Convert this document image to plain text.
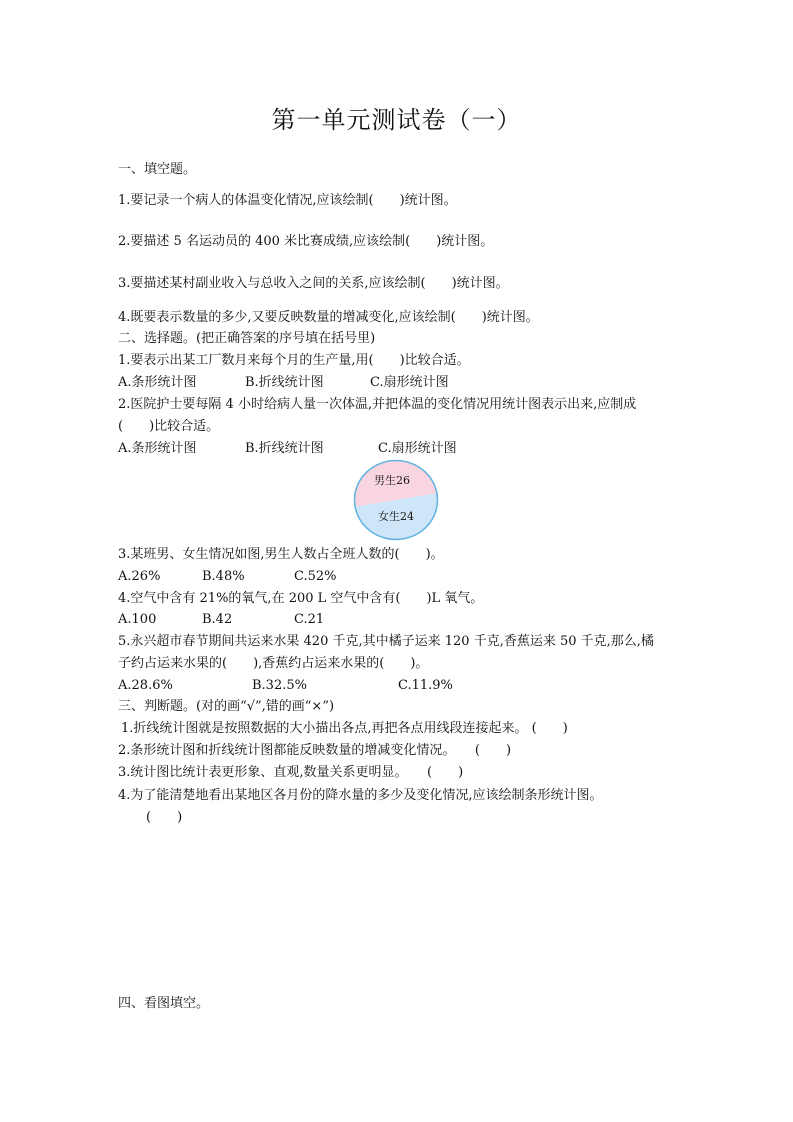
第一单元测试卷（一）
一、填空题。
1.要记录一个病人的体温变化情况,应该绘制(　　)统计图。
2.要描述 5 名运动员的 400 米比赛成绩,应该绘制(　　)统计图。
3.要描述某村副业收入与总收入之间的关系,应该绘制(　　)统计图。
4.既要表示数量的多少,又要反映数量的增减变化,应该绘制(　　)统计图。
二、选择题。(把正确答案的序号填在括号里)
1.要表示出某工厂数月来每个月的生产量,用(　　)比较合适。
A.条形统计图	B.折线统计图	C.扇形统计图
2.医院护士要每隔 4 小时给病人量一次体温,并把体温的变化情况用统计图表示出来,应制成
(　　)比较合适。
A.条形统计图	B.折线统计图	C.扇形统计图
男生26
女生24
3.某班男、女生情况如图,男生人数占全班人数的(　　)。
A.26%	B.48%	C.52%
4.空气中含有 21%的氧气,在 200 L 空气中含有(　　)L 氧气。
A.100	B.42	C.21
5.永兴超市春节期间共运来水果 420 千克,其中橘子运来 120 千克,香蕉运来 50 千克,那么,橘
子约占运来水果的(　　),香蕉约占运来水果的(　　)。
A.28.6%	B.32.5%	C.11.9%
三、判断题。(对的画“√”,错的画“×”)
1.折线统计图就是按照数据的大小描出各点,再把各点用线段连接起来。 (　　)
2.条形统计图和折线统计图都能反映数量的增减变化情况。　　(　　)
3.统计图比统计表更形象、直观,数量关系更明显。　　(　　)
4.为了能清楚地看出某地区各月份的降水量的多少及变化情况,应该绘制条形统计图。
(　　)
四、看图填空。
